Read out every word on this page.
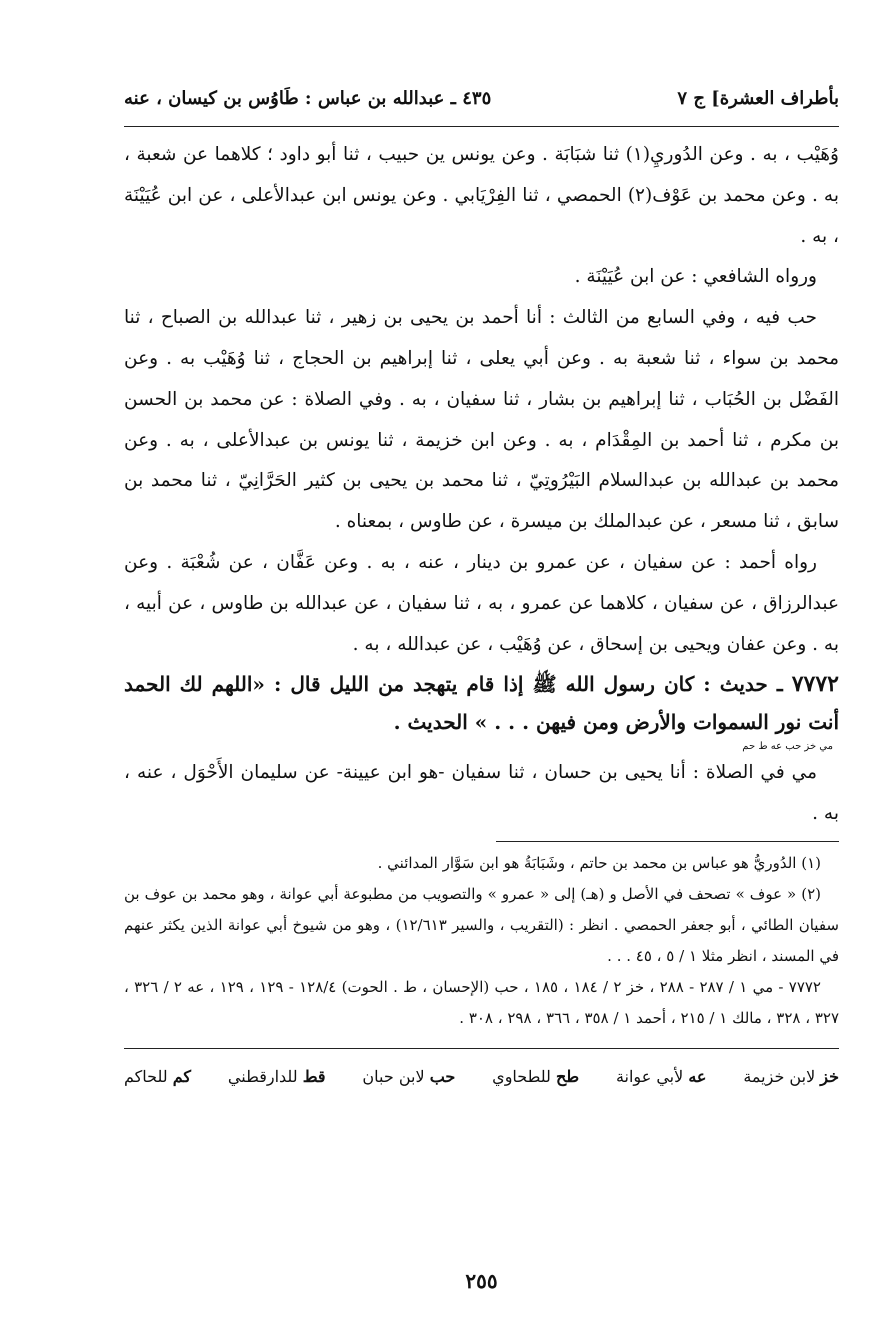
بأطراف العشرة] ج ٧
٤٣٥ ـ عبدالله بن عباس : طَاوُس بن كيسان ، عنه

وُهَيْب ، به . وعن الدُوريِ(١) ثنا شبَابَة . وعن يونس ين حبيب ، ثنا أبو داود ؛ كلاهما عن شعبة ، به . وعن محمد بن عَوْف(٢) الحمصي ، ثنا الفِرْيَابي . وعن يونس ابن عبدالأعلى ، عن ابن عُيَيْنَة ، به .

ورواه الشافعي : عن ابن عُيَيْنَة .

حب فيه ، وفي السابع من الثالث : أنا أحمد بن يحيى بن زهير ، ثنا عبدالله بن الصباح ، ثنا محمد بن سواء ، ثنا شعبة به . وعن أبي يعلى ، ثنا إبراهيم بن الحجاج ، ثنا وُهَيْب به . وعن الفَضْل بن الحُبَاب ، ثنا إبراهيم بن بشار ، ثنا سفيان ، به . وفي الصلاة : عن محمد بن الحسن بن مكرم ، ثنا أحمد بن المِقْدَام ، به . وعن ابن خزيمة ، ثنا يونس بن عبدالأعلى ، به . وعن محمد بن عبدالله بن عبدالسلام البَيْرُوتِيّ ، ثنا محمد بن يحيى بن كثير الحَرَّانِيّ ، ثنا محمد بن سابق ، ثنا مسعر ، عن عبدالملك بن ميسرة ، عن طاوس ، بمعناه .

رواه أحمد : عن سفيان ، عن عمرو بن دينار ، عنه ، به . وعن عَفَّان ، عن شُعْبَة . وعن عبدالرزاق ، عن سفيان ، كلاهما عن عمرو ، به ، ثنا سفيان ، عن عبدالله بن طاوس ، عن أبيه ، به . وعن عفان ويحيى بن إسحاق ، عن وُهَيْب ، عن عبدالله ، به .

٧٧٧٢ ـ حديث : كان رسول الله ﷺ إذا قام يتهجد من الليل قال : «اللهم لك الحمد أنت نور السموات والأرض ومن فيهن . . . » الحديث .

مي خز حب عه ط حم

مي في الصلاة : أنا يحيى بن حسان ، ثنا سفيان -هو ابن عيينة- عن سليمان الأَحْوَل ، عنه ، به .

(١) الدُوريُّ هو عباس بن محمد بن حاتم ، وشَبَابَةُ هو ابن سَوَّار المدائني .

(٢) « عوف » تصحف في الأصل و (هـ) إلى « عمرو » والتصويب من مطبوعة أبي عوانة ، وهو محمد بن عوف بن سفيان الطائي ، أبو جعفر الحمصي . انظر : (التقريب ، والسير ١٢/٦١٣) ، وهو من شيوخ أبي عوانة الذين يكثر عنهم في المسند ، انظر مثلا ١ / ٥ ، ٤٥ . . .

٧٧٧٢ - مي ١ / ٢٨٧ - ٢٨٨ ، خز ٢ / ١٨٤ ، ١٨٥ ، حب (الإحسان ، ط . الحوت) ١٢٨/٤ - ١٢٩ ، ١٢٩ ، عه ٢ / ٣٢٦ ، ٣٢٧ ، ٣٢٨ ، مالك ١ / ٢١٥ ، أحمد ١ / ٣٥٨ ، ٣٦٦ ، ٢٩٨ ، ٣٠٨ .

خز لابن خزيمة
عه لأبي عوانة
طح للطحاوي
حب لابن حبان
قط للدارقطني
كم للحاكم
٢٥٥
